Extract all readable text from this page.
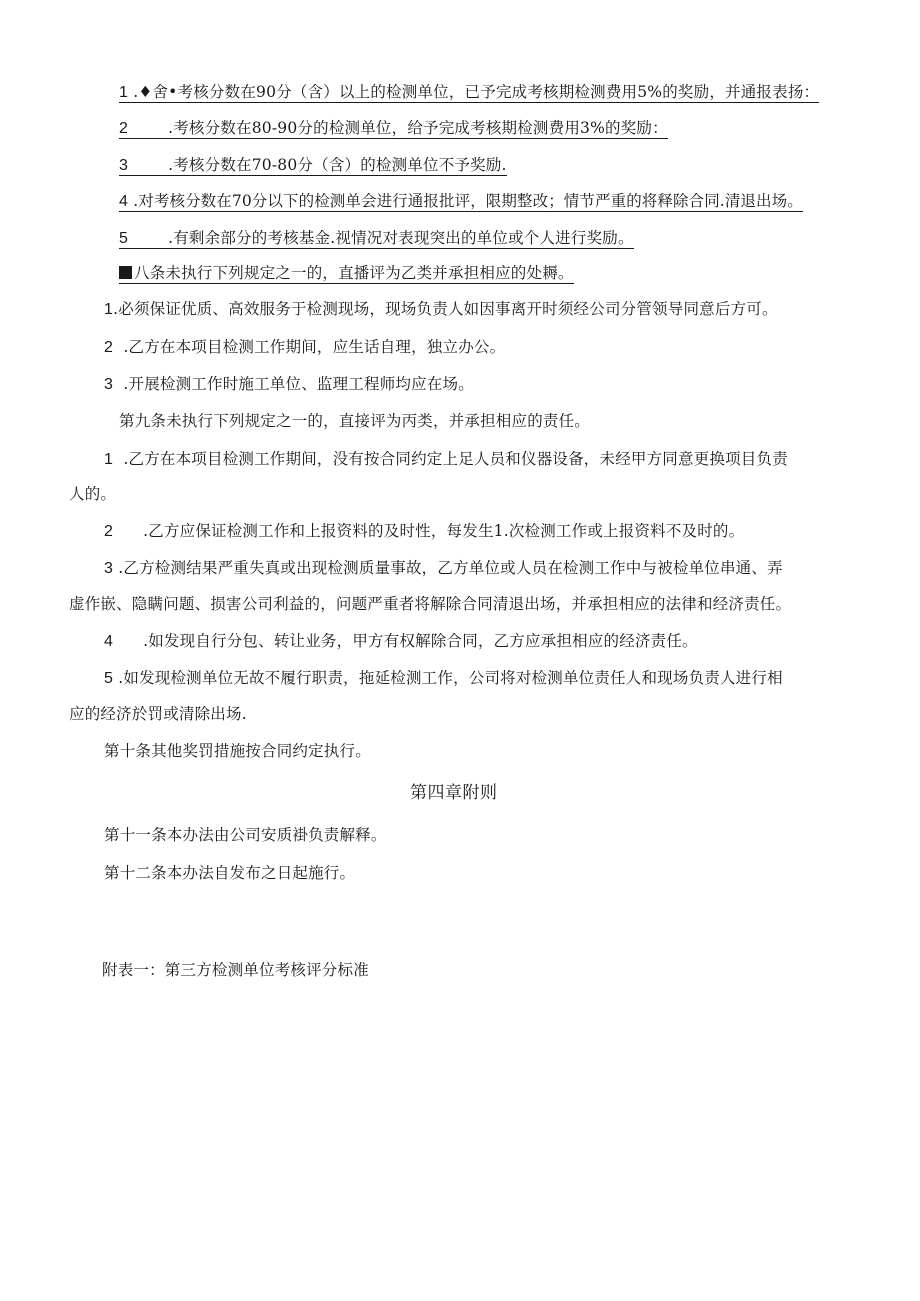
1 .♦舍•考核分数在90分（含）以上的检测单位，已予完成考核期检测费用5%的奖励，并通报表扬：
2	.考核分数在80-90分的检测单位，给予完成考核期检测费用3%的奖励：
3	.考核分数在70-80分（含）的检测单位不予奖励.
4 .对考核分数在70分以下的检测单会进行通报批评，限期整改；情节严重的将释除合同.清退出场。
5	.有剩余部分的考核基金.视情况对表现突出的单位或个人进行奖励。
八条未执行下列规定之一的，直播评为乙类并承担相应的处耨。
1.必须保证优质、高效服务于检测现场，现场负责人如因事离开时须经公司分管领导同意后方可。
2 .乙方在本项目检测工作期间，应生话自理，独立办公。
3 .开展检测工作时施工单位、监理工程师均应在场。
第九条未执行下列规定之一的，直接评为丙类，并承担相应的责任。
1 .乙方在本项目检测工作期间，没有按合同约定上足人员和仪器设备，未经甲方同意更换项目负责
人的。
2 .乙方应保证检测工作和上报资料的及时性，每发生1.次检测工作或上报资料不及时的。
3 .乙方检测结果严重失真或出现检测质量事故，乙方单位或人员在检测工作中与被检单位串通、弄
虚作嵌、隐瞒问题、损害公司利益的，问题严重者将解除合同清退出场，并承担相应的法律和经济责任。
4 .如发现自行分包、转让业务，甲方有权解除合同，乙方应承担相应的经济责任。
5 .如发现检测单位无故不履行职责，拖延检测工作，公司将对检测单位责任人和现场负责人进行相
应的经济於罚或清除出场.
第十条其他奖罚措施按合同约定执行。
第四章附则
第十一条本办法由公司安质褂负责解释。
第十二条本办法自发布之日起施行。
附表一：第三方检测单位考核评分标准
